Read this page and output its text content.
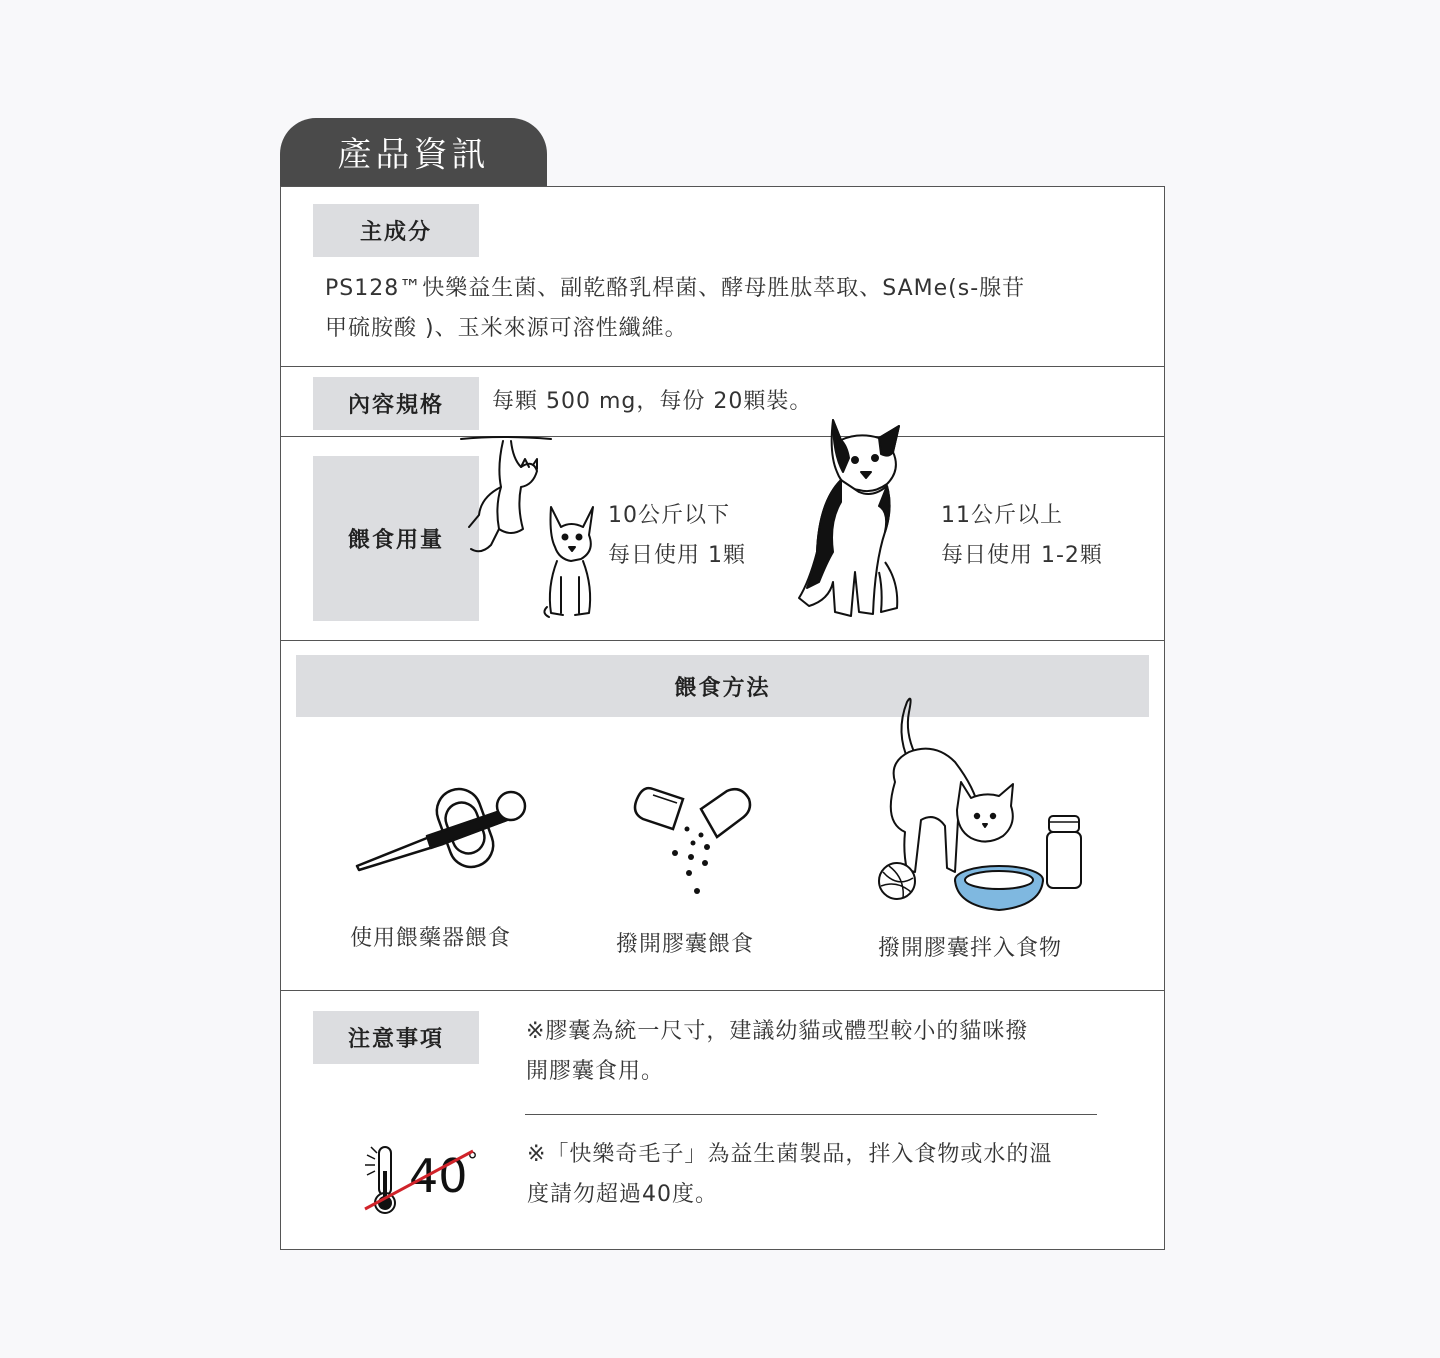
產品資訊
主成分
PS128™快樂益生菌、副乾酪乳桿菌、酵母胜肽萃取、SAMe(s-腺苷
甲硫胺酸 )、玉米來源可溶性纖維。
內容規格	每顆 500 mg，每份 20顆裝。
餵食用量
10公斤以下
每日使用 1顆
11公斤以上
每日使用 1-2顆
餵食方法
使用餵藥器餵食	撥開膠囊餵食	撥開膠囊拌入食物
注意事項	※膠囊為統一尺寸，建議幼貓或體型較小的貓咪撥
開膠囊食用。
40 ° ※「快樂奇毛子」為益生菌製品，拌入食物或水的溫
度請勿超過40度。
